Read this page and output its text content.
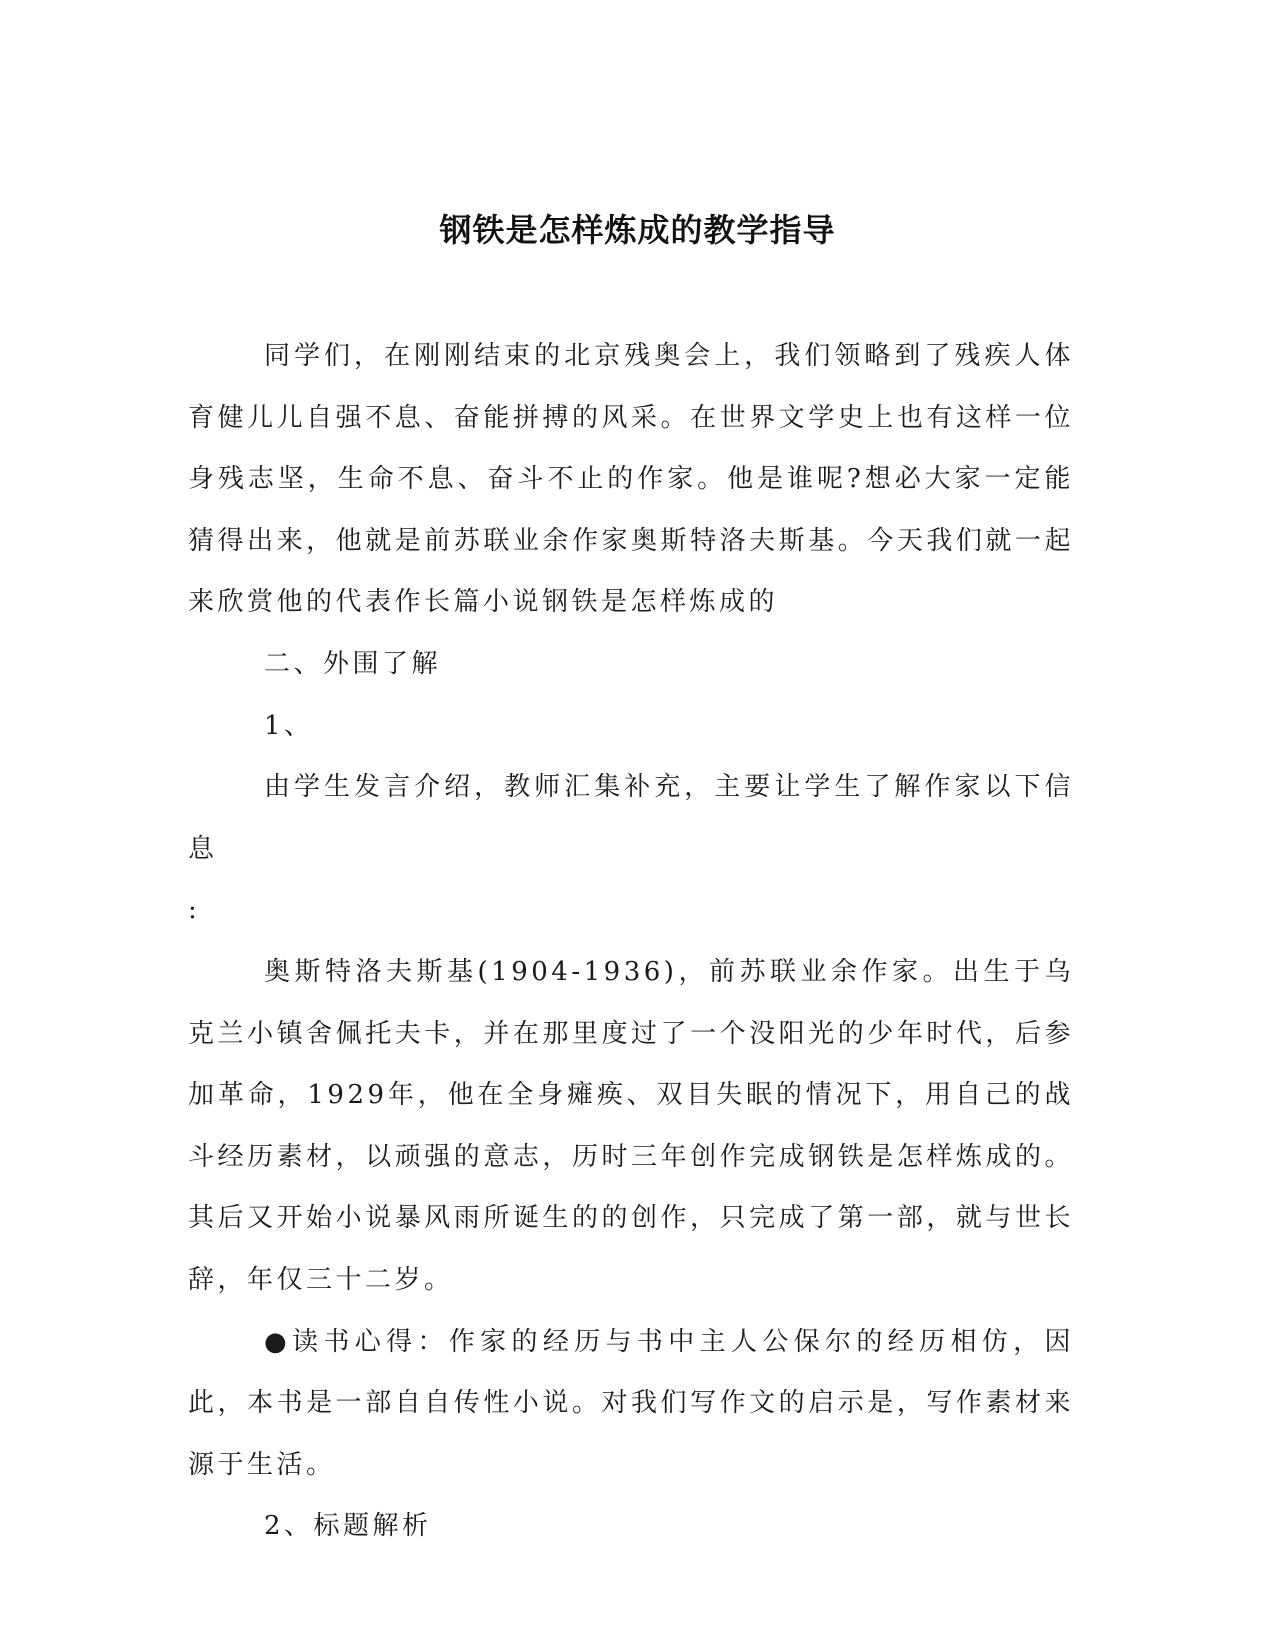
钢铁是怎样炼成的教学指导

同学们，在刚刚结束的北京残奥会上，我们领略到了残疾人体育健儿儿自强不息、奋能拼搏的风采。在世界文学史上也有这样一位身残志坚，生命不息、奋斗不止的作家。他是谁呢?想必大家一定能猜得出来，他就是前苏联业余作家奥斯特洛夫斯基。今天我们就一起来欣赏他的代表作长篇小说钢铁是怎样炼成的

二、外围了解

1、

由学生发言介绍，教师汇集补充，主要让学生了解作家以下信息

:

奥斯特洛夫斯基(1904-1936)，前苏联业余作家。出生于乌克兰小镇舍佩托夫卡，并在那里度过了一个没阳光的少年时代，后参加革命，1929年，他在全身瘫痪、双目失眠的情况下，用自己的战斗经历素材，以顽强的意志，历时三年创作完成钢铁是怎样炼成的。其后又开始小说暴风雨所诞生的的创作，只完成了第一部，就与世长辞，年仅三十二岁。

●读书心得：作家的经历与书中主人公保尔的经历相仿，因此，本书是一部自自传性小说。对我们写作文的启示是，写作素材来源于生活。

2、标题解析
